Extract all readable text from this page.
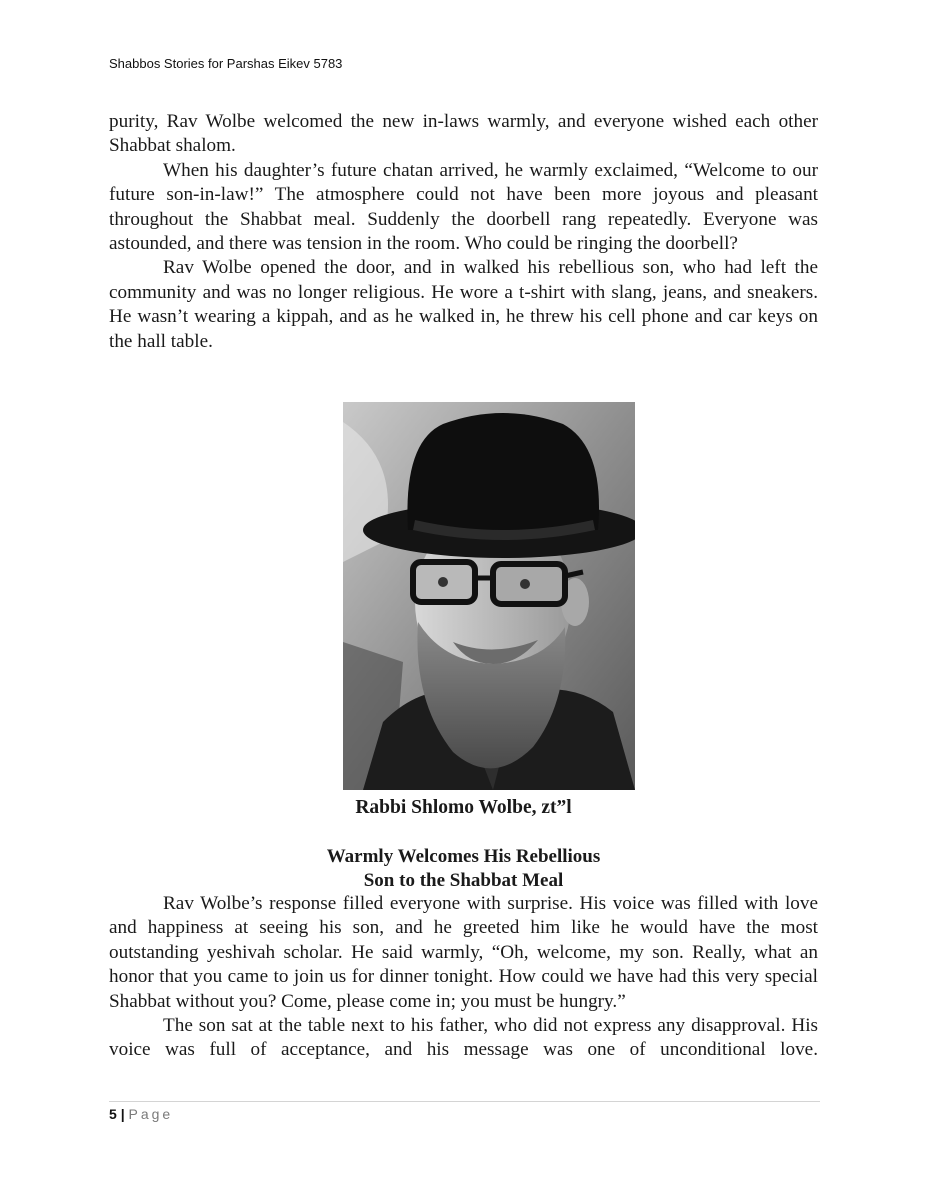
Shabbos Stories for Parshas Eikev 5783

purity, Rav Wolbe welcomed the new in-laws warmly, and everyone wished each other Shabbat shalom.

When his daughter’s future chatan arrived, he warmly exclaimed, “Welcome to our future son-in-law!” The atmosphere could not have been more joyous and pleasant throughout the Shabbat meal. Suddenly the doorbell rang repeatedly. Everyone was astounded, and there was tension in the room. Who could be ringing the doorbell?

Rav Wolbe opened the door, and in walked his rebellious son, who had left the community and was no longer religious. He wore a t-shirt with slang, jeans, and sneakers. He wasn’t wearing a kippah, and as he walked in, he threw his cell phone and car keys on the hall table.

Rabbi Shlomo Wolbe, zt”l
Warmly Welcomes His Rebellious
Son to the Shabbat Meal

Rav Wolbe’s response filled everyone with surprise. His voice was filled with love and happiness at seeing his son, and he greeted him like he would have the most outstanding yeshivah scholar. He said warmly, “Oh, welcome, my son. Really, what an honor that you came to join us for dinner tonight. How could we have had this very special Shabbat without you? Come, please come in; you must be hungry.”

The son sat at the table next to his father, who did not express any disapproval. His voice was full of acceptance, and his message was one of unconditional love.

5 | Page
